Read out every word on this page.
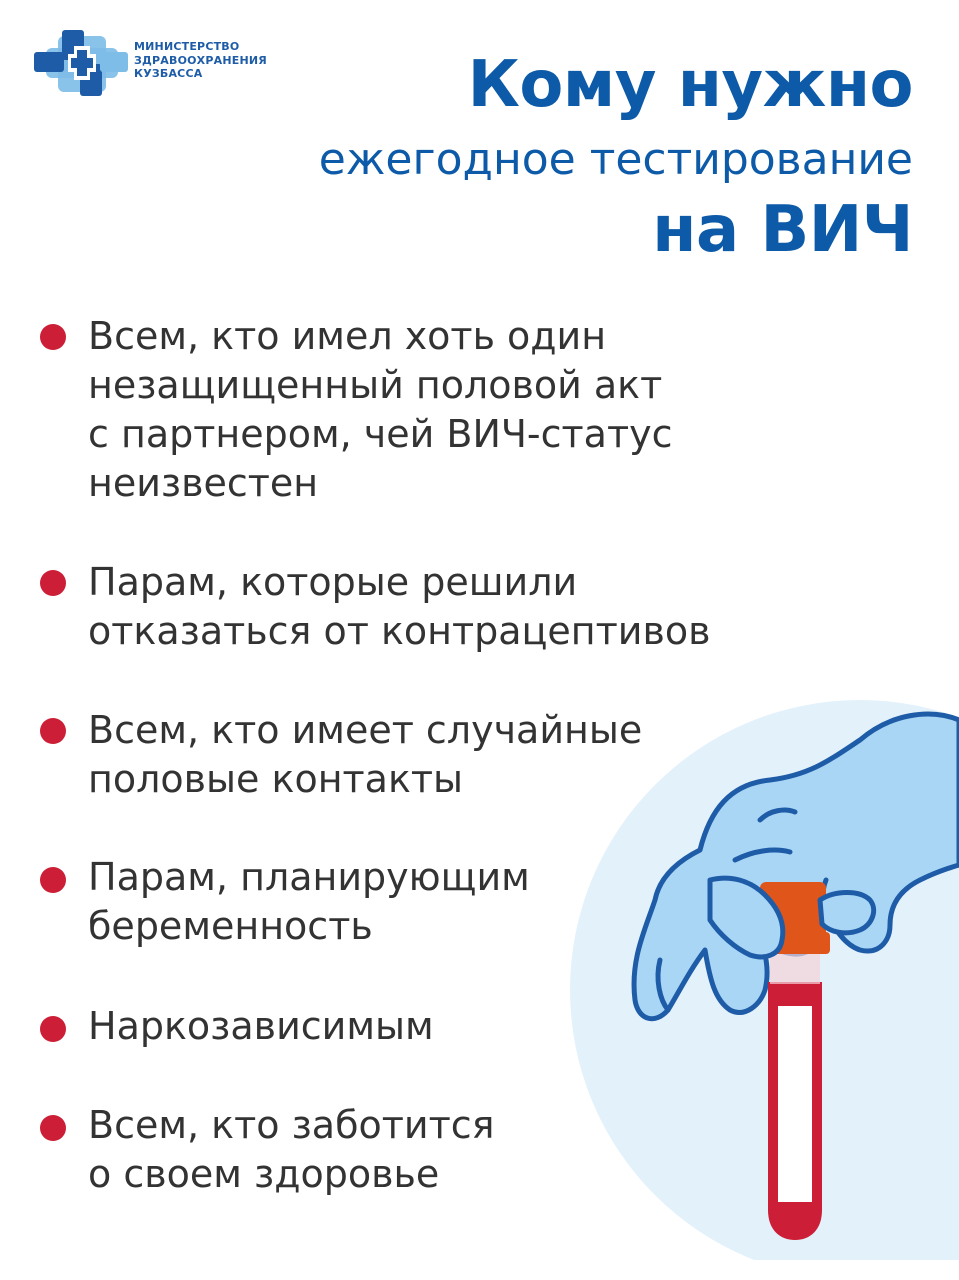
МИНИСТЕРСТВО
ЗДРАВООХРАНЕНИЯ
КУЗБАССА	Кому нужно
ежегодное тестирование
на ВИЧ
Всем, кто имел хоть один
незащищенный половой акт
с партнером, чей ВИЧ-статус
неизвестен
Парам, которые решили
отказаться от контрацептивов
Всем, кто имеет случайные
половые контакты
Парам, планирующим
беременность
Наркозависимым
Всем, кто заботится
о своем здоровье
